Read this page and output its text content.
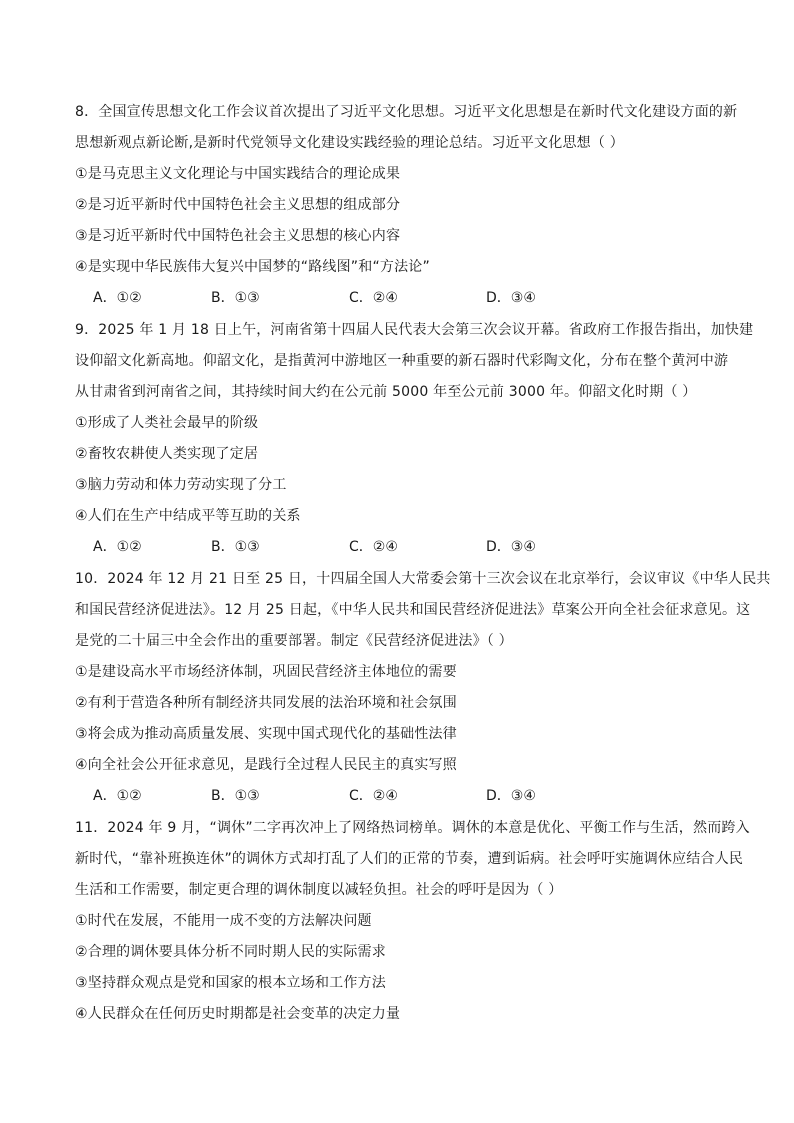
8．全国宣传思想文化工作会议首次提出了习近平文化思想。习近平文化思想是在新时代文化建设方面的新
思想新观点新论断,是新时代党领导文化建设实践经验的理论总结。习近平文化思想（ ）
①是马克思主义文化理论与中国实践结合的理论成果
②是习近平新时代中国特色社会主义思想的组成部分
③是习近平新时代中国特色社会主义思想的核心内容
④是实现中华民族伟大复兴中国梦的“路线图”和“方法论”
A．①②	B．①③	C．②④	D．③④
9．2025 年 1 月 18 日上午，河南省第十四届人民代表大会第三次会议开幕。省政府工作报告指出，加快建
设仰韶文化新高地。仰韶文化，是指黄河中游地区一种重要的新石器时代彩陶文化，分布在整个黄河中游
从甘肃省到河南省之间，其持续时间大约在公元前 5000 年至公元前 3000 年。仰韶文化时期（ ）
①形成了人类社会最早的阶级
②畜牧农耕使人类实现了定居
③脑力劳动和体力劳动实现了分工
④人们在生产中结成平等互助的关系
A．①②	B．①③	C．②④	D．③④
10．2024 年 12 月 21 日至 25 日，十四届全国人大常委会第十三次会议在北京举行，会议审议《中华人民共
和国民营经济促进法》。12 月 25 日起，《中华人民共和国民营经济促进法》草案公开向全社会征求意见。这
是党的二十届三中全会作出的重要部署。制定《民营经济促进法》（ ）
①是建设高水平市场经济体制，巩固民营经济主体地位的需要
②有利于营造各种所有制经济共同发展的法治环境和社会氛围
③将会成为推动高质量发展、实现中国式现代化的基础性法律
④向全社会公开征求意见，是践行全过程人民民主的真实写照
A．①②	B．①③	C．②④	D．③④
11．2024 年 9 月，“调休”二字再次冲上了网络热词榜单。调休的本意是优化、平衡工作与生活，然而跨入
新时代，“靠补班换连休”的调休方式却打乱了人们的正常的节奏，遭到诟病。社会呼吁实施调休应结合人民
生活和工作需要，制定更合理的调休制度以减轻负担。社会的呼吁是因为（ ）
①时代在发展，不能用一成不变的方法解决问题
②合理的调休要具体分析不同时期人民的实际需求
③坚持群众观点是党和国家的根本立场和工作方法
④人民群众在任何历史时期都是社会变革的决定力量
